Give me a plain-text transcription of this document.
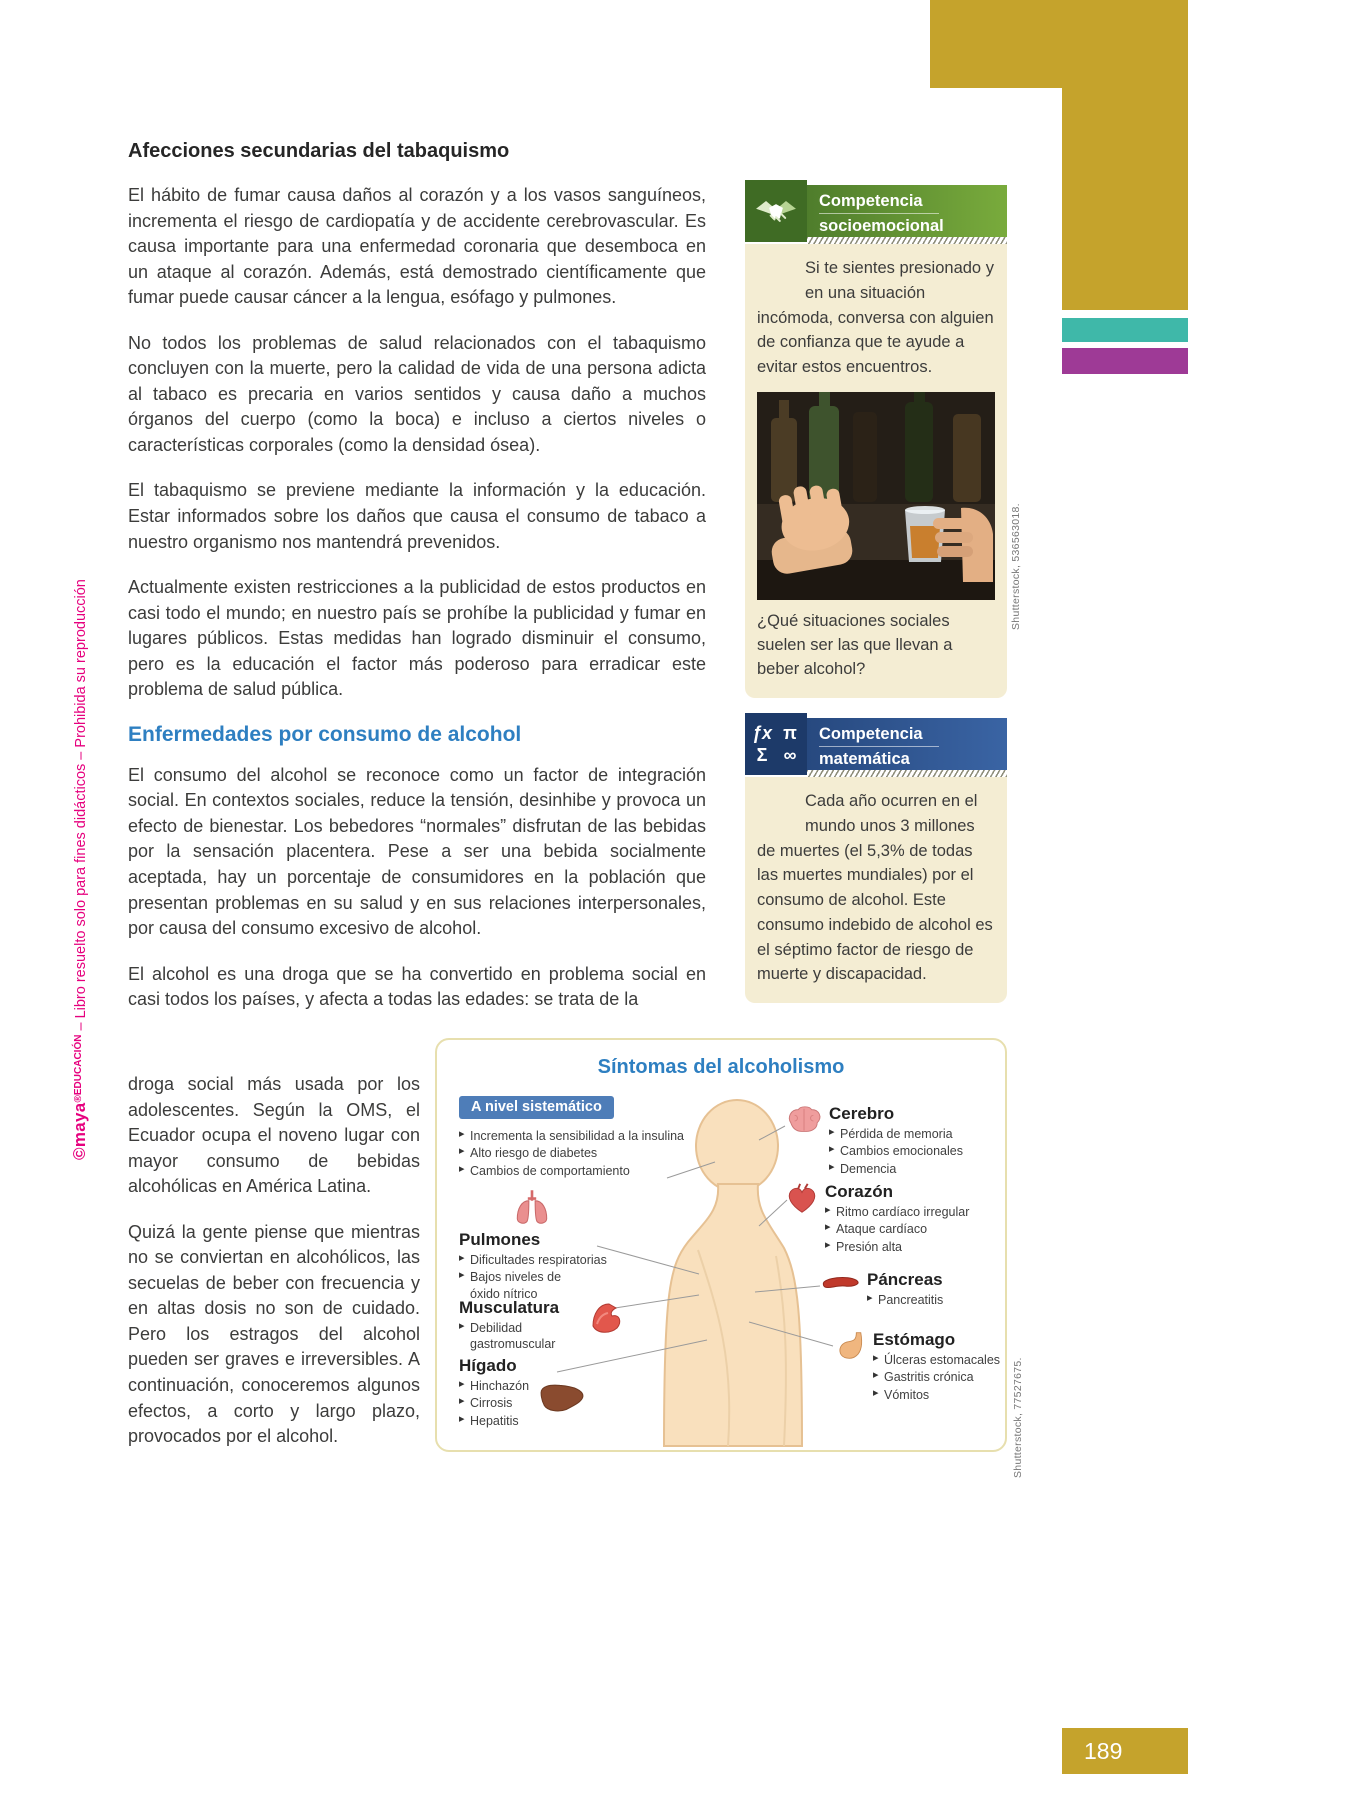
©maya$^{®EDUCACIÓN}$ – Libro resuelto solo para fines didácticos – Prohibida su reproducción
Afecciones secundarias del tabaquismo

El hábito de fumar causa daños al corazón y a los vasos sanguíneos, incrementa el riesgo de cardiopatía y de accidente cerebrovascular. Es causa importante para una enfermedad coronaria que desemboca en un ataque al corazón. Además, está demostrado científicamente que fumar puede causar cáncer a la lengua, esófago y pulmones.

No todos los problemas de salud relacionados con el tabaquismo concluyen con la muerte, pero la calidad de vida de una persona adicta al tabaco es precaria en varios sentidos y causa daño a muchos órganos del cuerpo (como la boca) e incluso a ciertos niveles o características corporales (como la densidad ósea).

El tabaquismo se previene mediante la información y la educación. Estar informados sobre los daños que causa el consumo de tabaco a nuestro organismo nos mantendrá prevenidos.

Actualmente existen restricciones a la publicidad de estos productos en casi todo el mundo; en nuestro país se prohíbe la publicidad y fumar en lugares públicos. Estas medidas han logrado disminuir el consumo, pero es la educación el factor más poderoso para erradicar este problema de salud pública.

Enfermedades por consumo de alcohol

El consumo del alcohol se reconoce como un factor de integración social. En contextos sociales, reduce la tensión, desinhibe y provoca un efecto de bienestar. Los bebedores “normales” disfrutan de las bebidas por la sensación placentera. Pese a ser una bebida socialmente aceptada, hay un porcentaje de consumidores en la población que presentan problemas en su salud y en sus relaciones interpersonales, por causa del consumo excesivo de alcohol.

El alcohol es una droga que se ha convertido en problema social en casi todos los países, y afecta a todas las edades: se trata de la

droga social más usada por los adolescentes. Según la OMS, el Ecuador ocupa el noveno lugar con mayor consumo de bebidas alcohólicas en América Latina.

Quizá la gente piense que mientras no se conviertan en alcohólicos, las secuelas de beber con frecuencia y en altas dosis no son de cuidado. Pero los estragos del alcohol pueden ser graves e irreversibles. A continuación, conoceremos algunos efectos, a corto y largo plazo, provocados por el alcohol.

Competencia
socioemocional

Si te sientes presionado y en una situación incómoda, conversa con alguien de confianza que te ayude a evitar estos encuentros.

¿Qué situaciones sociales suelen ser las que llevan a beber alcohol?

Shutterstock, 536563018.
ƒx π
Σ ∞
Competencia
matemática

Cada año ocurren en el mundo unos 3 millones de muertes (el 5,3% de todas las muertes mundiales) por el consumo de alcohol. Este consumo indebido de alcohol es el séptimo factor de riesgo de muerte y discapacidad.

Síntomas del alcoholismo
A nivel sistemático
▸ Incrementa la sensibilidad a la insulina
▸ Alto riesgo de diabetes
▸ Cambios de comportamiento
Pulmones
▸ Dificultades respiratorias
▸ Bajos niveles de óxido nítrico
Musculatura
▸ Debilidad gastromuscular
Hígado
▸ Hinchazón
▸ Cirrosis
▸ Hepatitis
Cerebro
▸ Pérdida de memoria
▸ Cambios emocionales
▸ Demencia
Corazón
▸ Ritmo cardíaco irregular
▸ Ataque cardíaco
▸ Presión alta
Páncreas
▸ Pancreatitis
Estómago
▸ Úlceras estomacales
▸ Gastritis crónica
▸ Vómitos	Shutterstock, 77527675.
189
